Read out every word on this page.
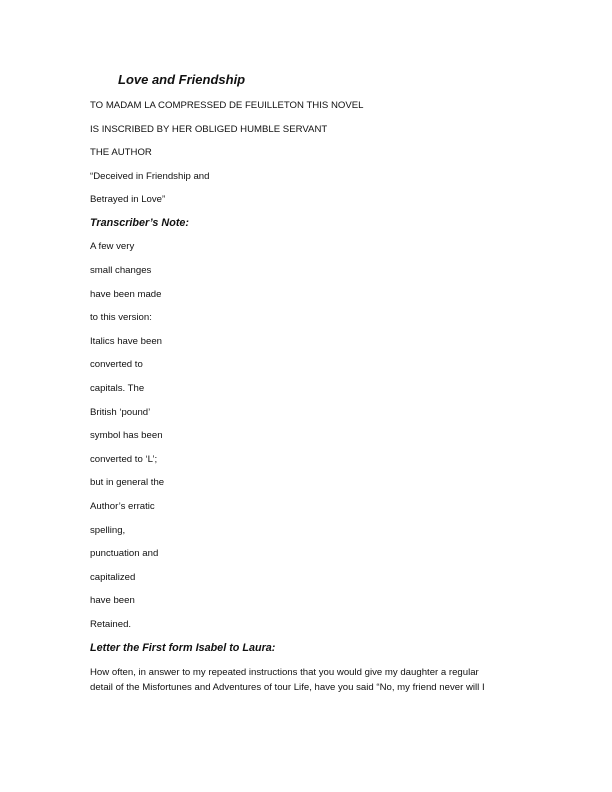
Love and Friendship
TO MADAM LA COMPRESSED DE FEUILLETON THIS NOVEL
IS INSCRIBED BY HER OBLIGED HUMBLE SERVANT
THE AUTHOR
“Deceived in Friendship and
Betrayed in Love”
Transcriber’s Note:
A few very
small changes
have been made
to this version:
Italics have been
converted to
capitals. The
British ‘pound’
symbol has been
converted to ‘L’;
but in general the
Author’s erratic
spelling,
punctuation and
capitalized
have been
Retained.
Letter the First form Isabel to Laura:
How often, in answer to my repeated instructions that you would give my daughter a regular
detail of the Misfortunes and Adventures of tour Life, have you said “No, my friend never will I
